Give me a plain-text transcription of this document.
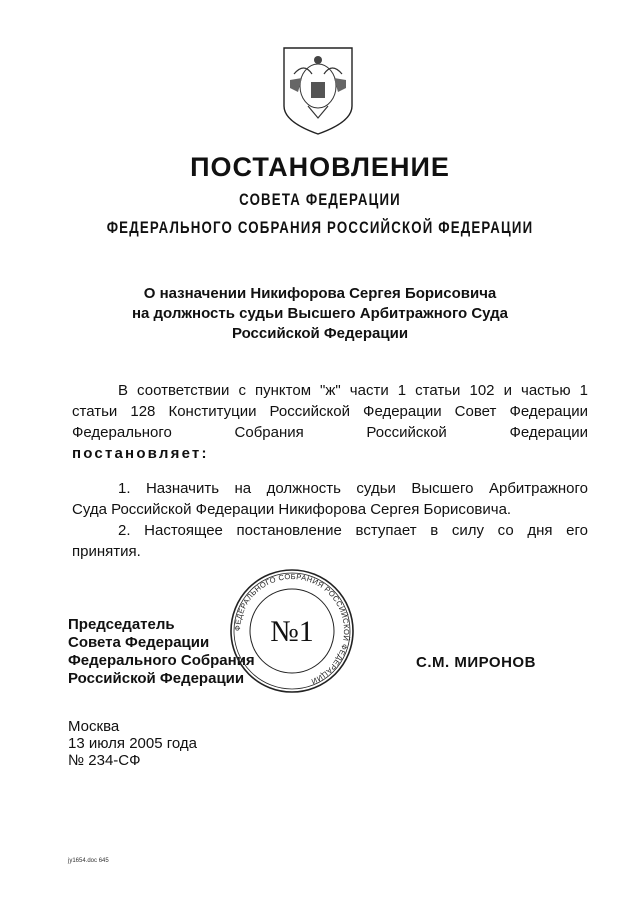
ПОСТАНОВЛЕНИЕ
СОВЕТА ФЕДЕРАЦИИ
ФЕДЕРАЛЬНОГО СОБРАНИЯ РОССИЙСКОЙ ФЕДЕРАЦИИ
О назначении Никифорова Сергея Борисовича
на должность судьи Высшего Арбитражного Суда
Российской Федерации
В соответствии с пунктом "ж" части 1 статьи 102 и частью 1
статьи 128 Конституции Российской Федерации Совет Федерации
Федерального Собрания Российской Федерации
постановляет:
1. Назначить на должность судьи Высшего Арбитражного
Суда Российской Федерации Никифорова Сергея Борисовича.
2. Настоящее постановление вступает в силу со дня его
принятия.
Председатель
Совета Федерации
Федерального Собрания
Российской Федерации
ФЕДЕРАЛЬНОГО СОБРАНИЯ РОССИЙСКОЙ ФЕДЕРАЦИИ
№1
С.М. МИРОНОВ
Москва
13 июля 2005 года
№ 234-СФ
jy1654.doc 645
